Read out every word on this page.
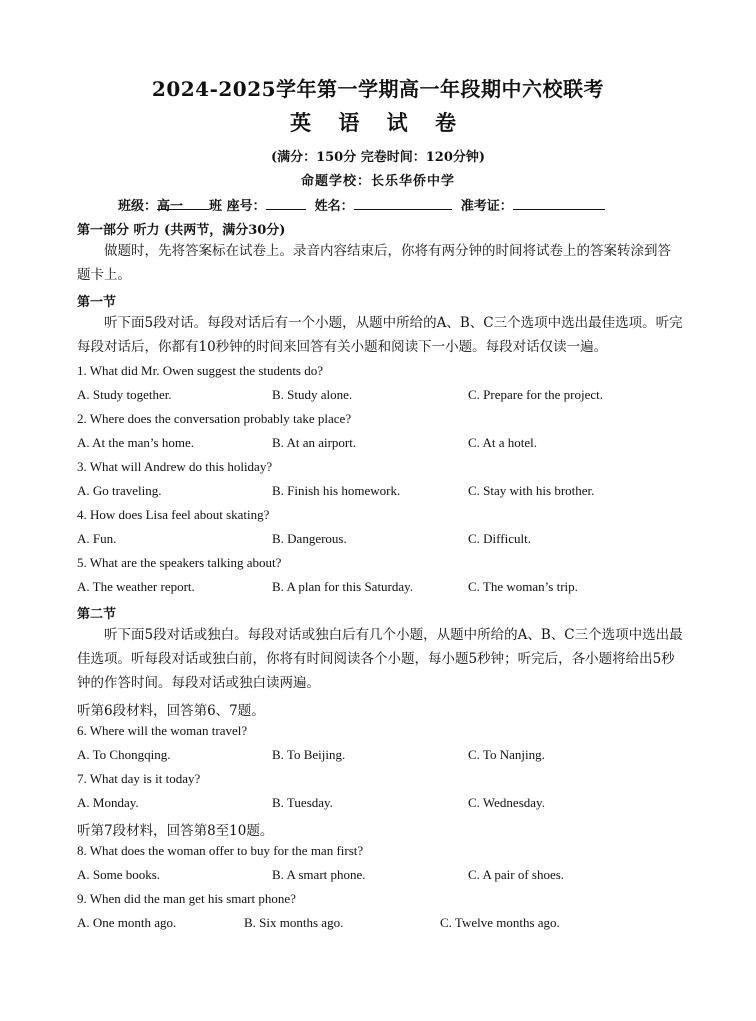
2024-2025学年第一学期高一年段期中六校联考
英 语 试 卷
(满分：150分 完卷时间：120分钟)
命题学校：长乐华侨中学
班级：高一 班 座号：	姓名：	准考证：
第一部分 听力 (共两节，满分30分)
做题时，先将答案标在试卷上。录音内容结束后，你将有两分钟的时间将试卷上的答案转涂到答题卡上。
第一节
听下面5段对话。每段对话后有一个小题，从题中所给的A、B、C三个选项中选出最佳选项。听完每段对话后，你都有10秒钟的时间来回答有关小题和阅读下一小题。每段对话仅读一遍。
1. What did Mr. Owen suggest the students do?
A. Study together.	B. Study alone.	C. Prepare for the project.
2. Where does the conversation probably take place?
A. At the man’s home.	B. At an airport.	C. At a hotel.
3. What will Andrew do this holiday?
A. Go traveling.	B. Finish his homework.	C. Stay with his brother.
4. How does Lisa feel about skating?
A. Fun.	B. Dangerous.	C. Difficult.
5. What are the speakers talking about?
A. The weather report.	B. A plan for this Saturday.	C. The woman’s trip.
第二节
听下面5段对话或独白。每段对话或独白后有几个小题，从题中所给的A、B、C三个选项中选出最佳选项。听每段对话或独白前，你将有时间阅读各个小题，每小题5秒钟；听完后，各小题将给出5秒钟的作答时间。每段对话或独白读两遍。
听第6段材料，回答第6、7题。
6. Where will the woman travel?
A. To Chongqing.	B. To Beijing.	C. To Nanjing.
7. What day is it today?
A. Monday.	B. Tuesday.	C. Wednesday.
听第7段材料，回答第8至10题。
8. What does the woman offer to buy for the man first?
A. Some books.	B. A smart phone.	C. A pair of shoes.
9. When did the man get his smart phone?
A. One month ago.	B. Six months ago.	C. Twelve months ago.
